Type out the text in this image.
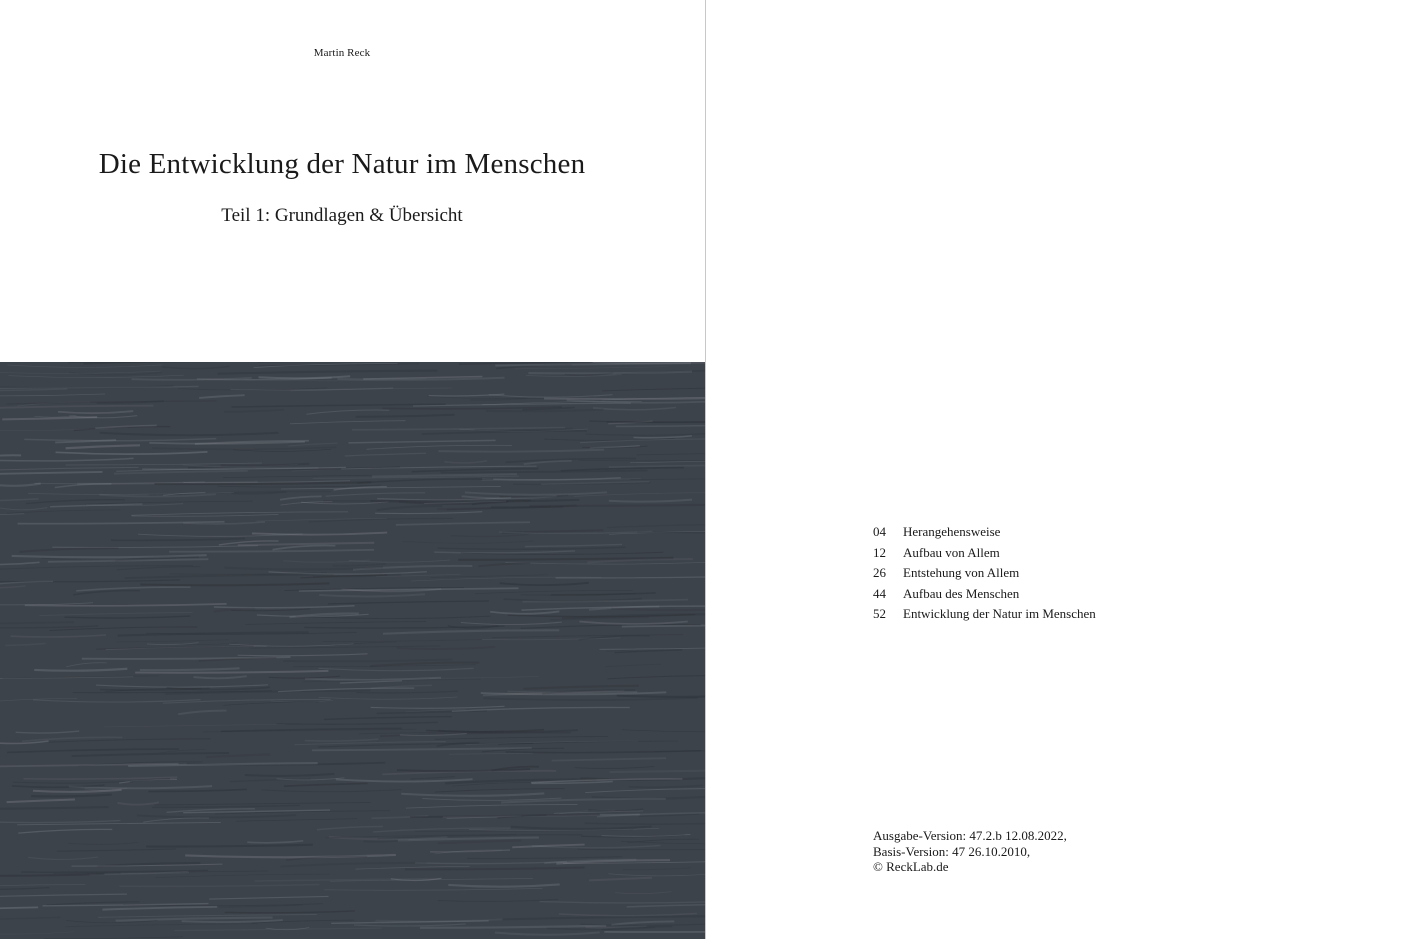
Martin Reck
Die Entwicklung der Natur im Menschen
Teil 1: Grundlagen & Übersicht
04	Herangehensweise
12	Aufbau von Allem
26	Entstehung von Allem
44	Aufbau des Menschen
52	Entwicklung der Natur im Menschen
Ausgabe-Version: 47.2.b 12.08.2022,
Basis-Version: 47 26.10.2010,
© ReckLab.de
